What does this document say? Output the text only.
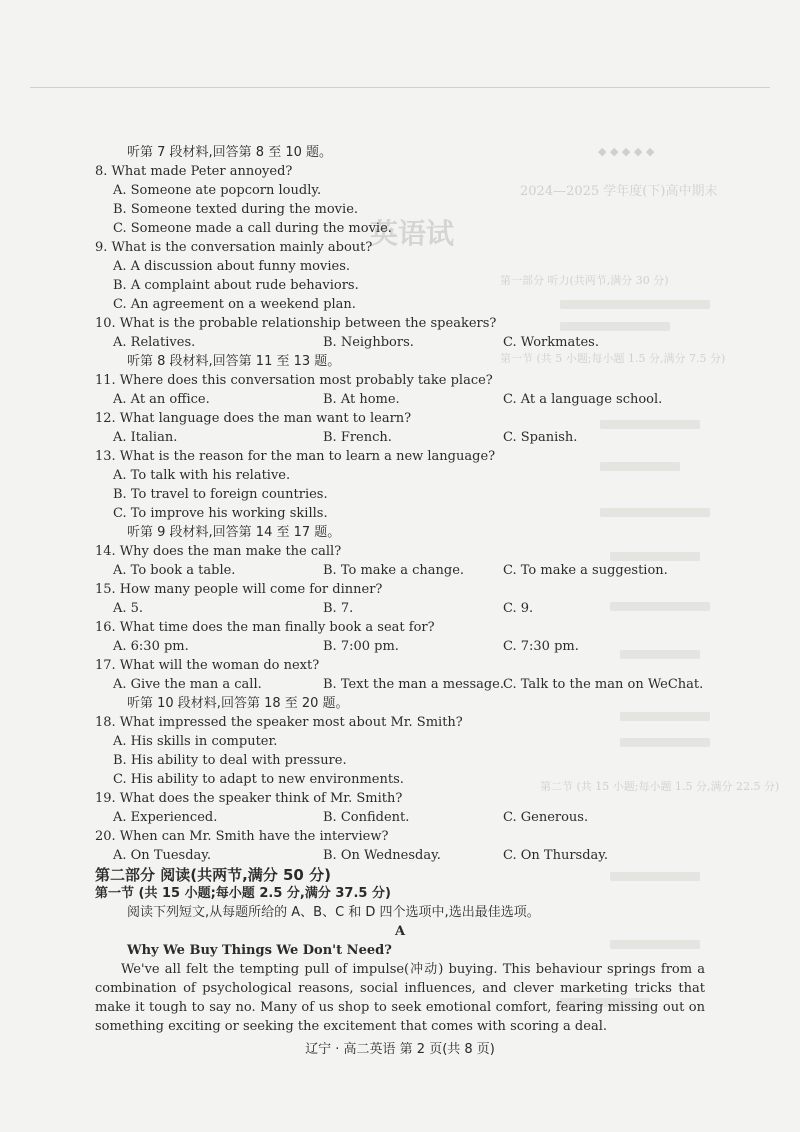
◆ ◆ ◆ ◆ ◆
2024—2025 学年度(下)高中期末
英语试
第一部分 听力(共两节,满分 30 分)
第一节 (共 5 小题;每小题 1.5 分,满分 7.5 分)
第二节 (共 15 小题;每小题 1.5 分,满分 22.5 分)
听第 7 段材料,回答第 8 至 10 题。
8. What made Peter annoyed?
A. Someone ate popcorn loudly.
B. Someone texted during the movie.
C. Someone made a call during the movie.
9. What is the conversation mainly about?
A. A discussion about funny movies.
B. A complaint about rude behaviors.
C. An agreement on a weekend plan.
10. What is the probable relationship between the speakers?
A. Relatives.	B. Neighbors.	C. Workmates.
听第 8 段材料,回答第 11 至 13 题。
11. Where does this conversation most probably take place?
A. At an office.	B. At home.	C. At a language school.
12. What language does the man want to learn?
A. Italian.	B. French.	C. Spanish.
13. What is the reason for the man to learn a new language?
A. To talk with his relative.
B. To travel to foreign countries.
C. To improve his working skills.
听第 9 段材料,回答第 14 至 17 题。
14. Why does the man make the call?
A. To book a table.	B. To make a change.	C. To make a suggestion.
15. How many people will come for dinner?
A. 5.	B. 7.	C. 9.
16. What time does the man finally book a seat for?
A. 6:30 pm.	B. 7:00 pm.	C. 7:30 pm.
17. What will the woman do next?
A. Give the man a call.	B. Text the man a message.
C. Talk to the man on WeChat.
听第 10 段材料,回答第 18 至 20 题。
18. What impressed the speaker most about Mr. Smith?
A. His skills in computer.
B. His ability to deal with pressure.
C. His ability to adapt to new environments.
19. What does the speaker think of Mr. Smith?
A. Experienced.	B. Confident.	C. Generous.
20. When can Mr. Smith have the interview?
A. On Tuesday.	B. On Wednesday.	C. On Thursday.
第二部分 阅读(共两节,满分 50 分)
第一节 (共 15 小题;每小题 2.5 分,满分 37.5 分)
阅读下列短文,从每题所给的 A、B、C 和 D 四个选项中,选出最佳选项。
A
Why We Buy Things We Don't Need?
We've all felt the tempting pull of impulse(冲动) buying. This behaviour springs from a combination of psychological reasons, social influences, and clever marketing tricks that make it tough to say no. Many of us shop to seek emotional comfort, fearing missing out on something exciting or seeking the excitement that comes with scoring a deal.
辽宁 · 高二英语 第 2 页(共 8 页)
